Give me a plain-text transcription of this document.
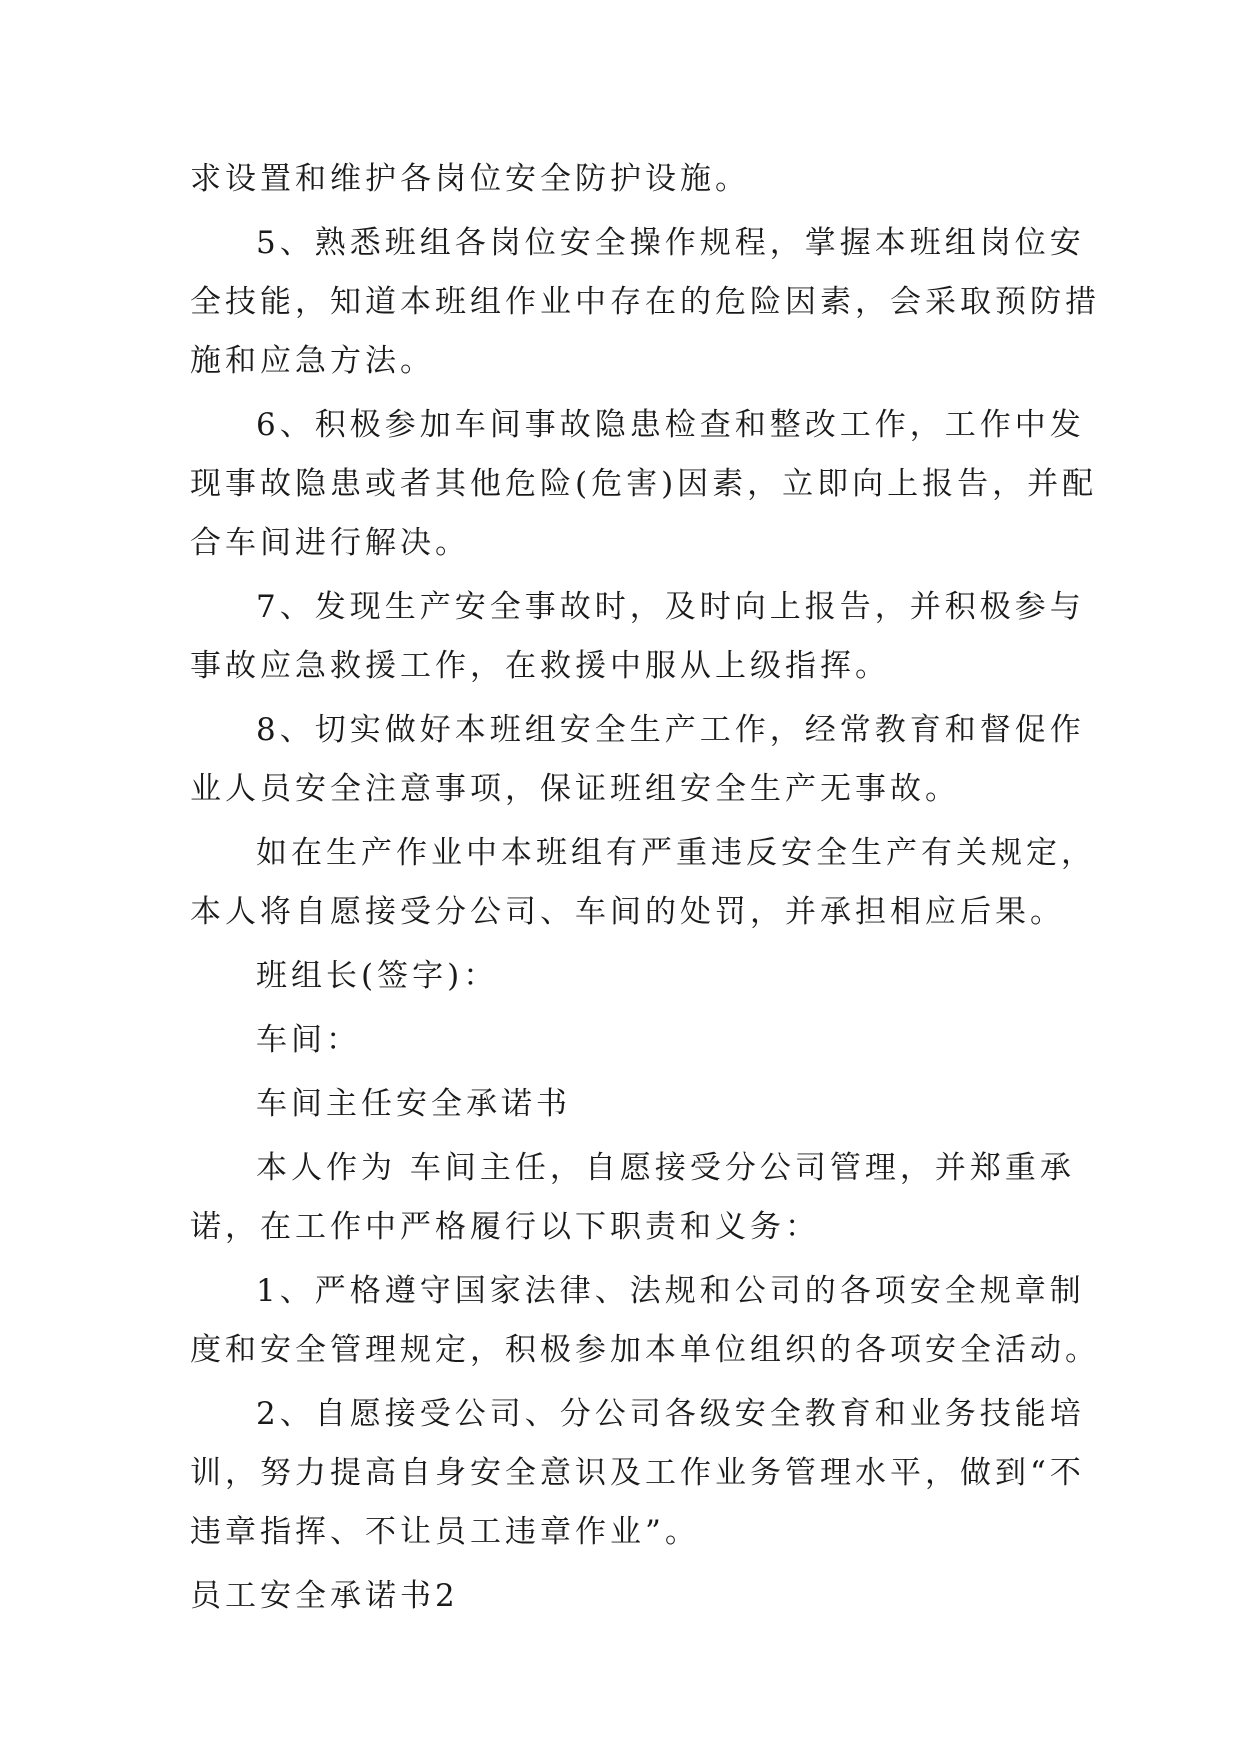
求设置和维护各岗位安全防护设施。
5、熟悉班组各岗位安全操作规程，掌握本班组岗位安
全技能，知道本班组作业中存在的危险因素，会采取预防措
施和应急方法。
6、积极参加车间事故隐患检查和整改工作，工作中发
现事故隐患或者其他危险(危害)因素，立即向上报告，并配
合车间进行解决。
7、发现生产安全事故时，及时向上报告，并积极参与
事故应急救援工作，在救援中服从上级指挥。
8、切实做好本班组安全生产工作，经常教育和督促作
业人员安全注意事项，保证班组安全生产无事故。
如在生产作业中本班组有严重违反安全生产有关规定，
本人将自愿接受分公司、车间的处罚，并承担相应后果。
班组长(签字)：
车间：
车间主任安全承诺书
本人作为 车间主任，自愿接受分公司管理，并郑重承
诺，在工作中严格履行以下职责和义务：
1、严格遵守国家法律、法规和公司的各项安全规章制
度和安全管理规定，积极参加本单位组织的各项安全活动。
2、自愿接受公司、分公司各级安全教育和业务技能培
训，努力提高自身安全意识及工作业务管理水平，做到“不
违章指挥、不让员工违章作业”。
员工安全承诺书2
